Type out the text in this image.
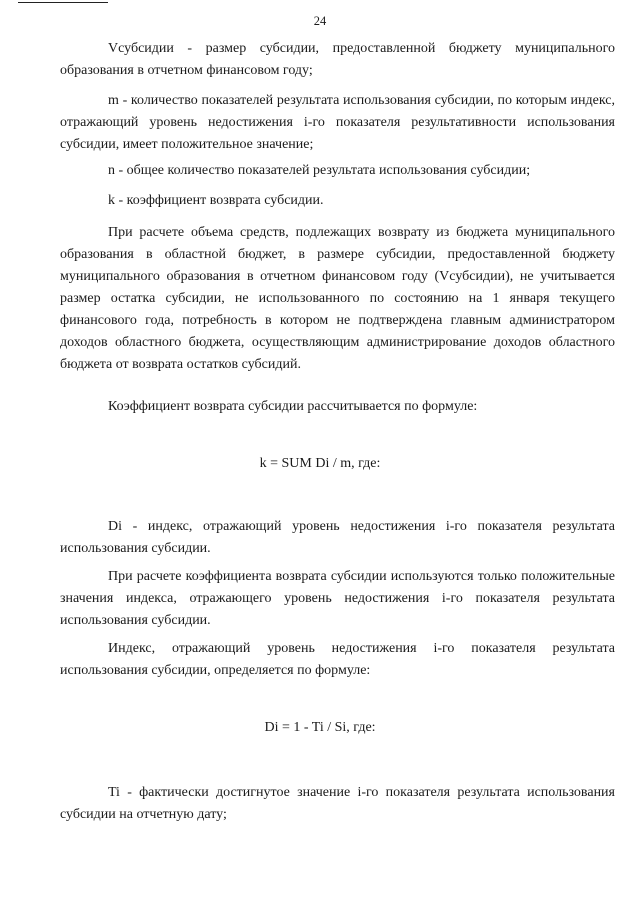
24

Vсубсидии - размер субсидии, предоставленной бюджету муниципального образования в отчетном финансовом году;

m - количество показателей результата использования субсидии, по которым индекс, отражающий уровень недостижения i-го показателя результативности использования субсидии, имеет положительное значение;

n - общее количество показателей результата использования субсидии;

k - коэффициент возврата субсидии.

При расчете объема средств, подлежащих возврату из бюджета муниципального образования в областной бюджет, в размере субсидии, предоставленной бюджету муниципального образования в отчетном финансовом году (Vсубсидии), не учитывается размер остатка субсидии, не использованного по состоянию на 1 января текущего финансового года, потребность в котором не подтверждена главным администратором доходов областного бюджета, осуществляющим администрирование доходов областного бюджета от возврата остатков субсидий.

Коэффициент возврата субсидии рассчитывается по формуле:

k = SUM Di / m, где:

Di - индекс, отражающий уровень недостижения i-го показателя результата использования субсидии.

При расчете коэффициента возврата субсидии используются только положительные значения индекса, отражающего уровень недостижения i-го показателя результата использования субсидии.

Индекс, отражающий уровень недостижения i-го показателя результата использования субсидии, определяется по формуле:

Di = 1 - Ti / Si, где:

Ti - фактически достигнутое значение i-го показателя результата использования субсидии на отчетную дату;
